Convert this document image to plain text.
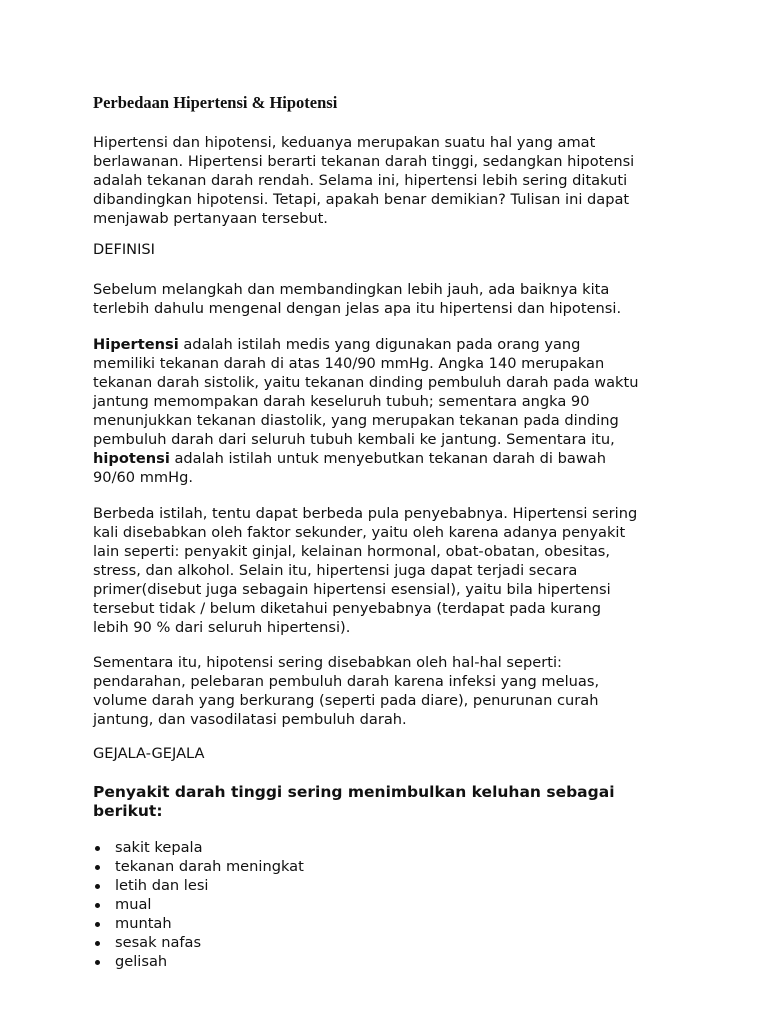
Perbedaan Hipertensi & Hipotensi
Hipertensi dan hipotensi, keduanya merupakan suatu hal yang amat
berlawanan. Hipertensi berarti tekanan darah tinggi, sedangkan hipotensi
adalah tekanan darah rendah. Selama ini, hipertensi lebih sering ditakuti
dibandingkan hipotensi. Tetapi, apakah benar demikian? Tulisan ini dapat
menjawab pertanyaan tersebut.
DEFINISI
Sebelum melangkah dan membandingkan lebih jauh, ada baiknya kita
terlebih dahulu mengenal dengan jelas apa itu hipertensi dan hipotensi.
Hipertensi adalah istilah medis yang digunakan pada orang yang
memiliki tekanan darah di atas 140/90 mmHg. Angka 140 merupakan
tekanan darah sistolik, yaitu tekanan dinding pembuluh darah pada waktu
jantung memompakan darah keseluruh tubuh; sementara angka 90
menunjukkan tekanan diastolik, yang merupakan tekanan pada dinding
pembuluh darah dari seluruh tubuh kembali ke jantung. Sementara itu,
hipotensi adalah istilah untuk menyebutkan tekanan darah di bawah
90/60 mmHg.
Berbeda istilah, tentu dapat berbeda pula penyebabnya. Hipertensi sering
kali disebabkan oleh faktor sekunder, yaitu oleh karena adanya penyakit
lain seperti: penyakit ginjal, kelainan hormonal, obat-obatan, obesitas,
stress, dan alkohol. Selain itu, hipertensi juga dapat terjadi secara
primer(disebut juga sebagain hipertensi esensial), yaitu bila hipertensi
tersebut tidak / belum diketahui penyebabnya (terdapat pada kurang
lebih 90 % dari seluruh hipertensi).
Sementara itu, hipotensi sering disebabkan oleh hal-hal seperti:
pendarahan, pelebaran pembuluh darah karena infeksi yang meluas,
volume darah yang berkurang (seperti pada diare), penurunan curah
jantung, dan vasodilatasi pembuluh darah.
GEJALA-GEJALA
Penyakit darah tinggi sering menimbulkan keluhan sebagai
berikut:
sakit kepala
tekanan darah meningkat
letih dan lesi
mual
muntah
sesak nafas
gelisah
